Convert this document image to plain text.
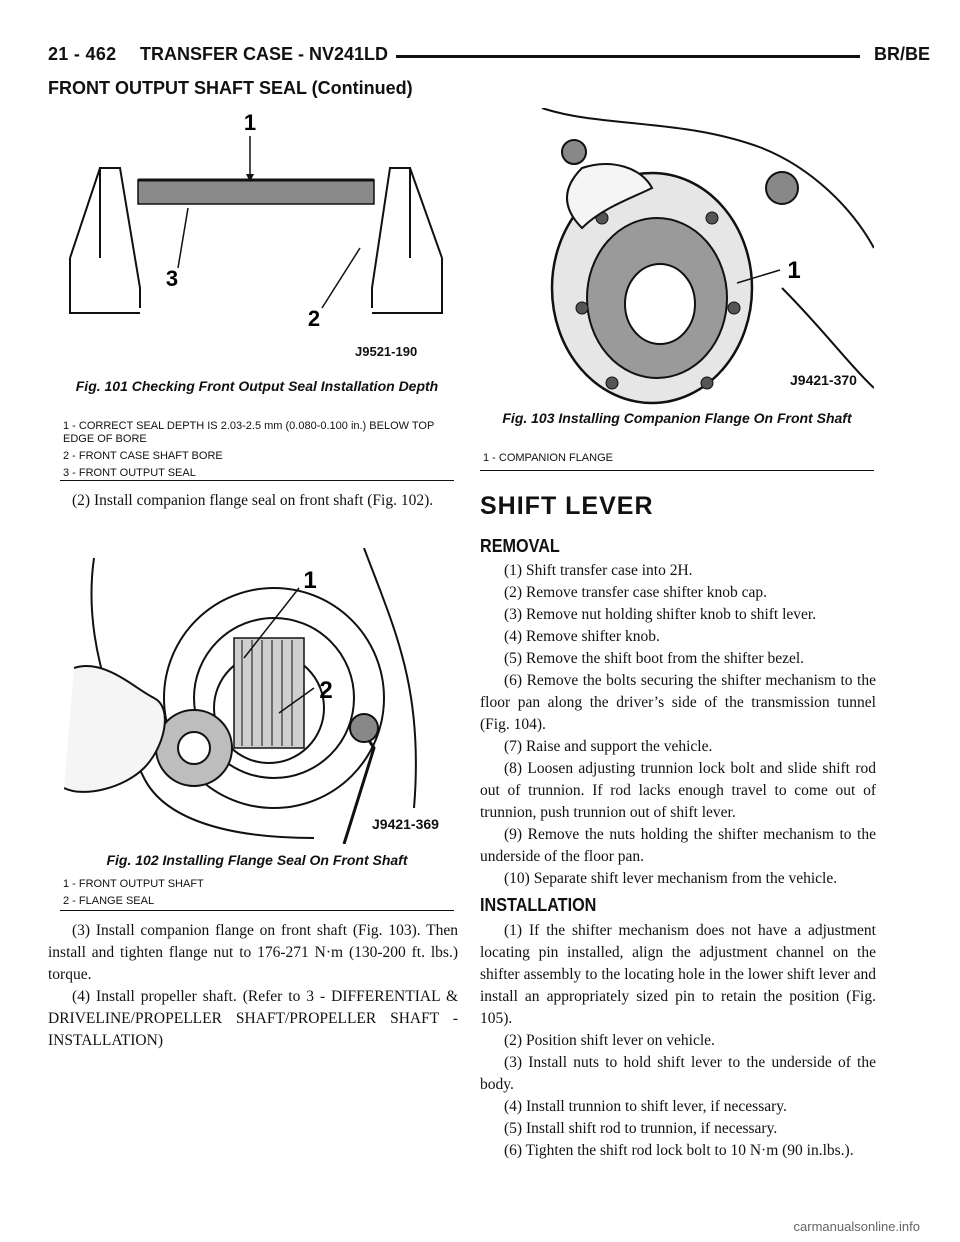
21 - 462 TRANSFER CASE - NV241LD	BR/BE
FRONT OUTPUT SHAFT SEAL (Continued)
1
3
2
J9521-190
Fig. 101 Checking Front Output Seal Installation Depth
1 - CORRECT SEAL DEPTH IS 2.03-2.5 mm (0.080-0.100 in.) BELOW TOP EDGE OF BORE
2 - FRONT CASE SHAFT BORE
3 - FRONT OUTPUT SEAL

(2) Install companion flange seal on front shaft (Fig. 102).

1
2
J9421-369
Fig. 102 Installing Flange Seal On Front Shaft
1 - FRONT OUTPUT SHAFT
2 - FLANGE SEAL

(3) Install companion flange on front shaft (Fig. 103). Then install and tighten flange nut to 176-271 N·m (130-200 ft. lbs.) torque.

(4) Install propeller shaft. (Refer to 3 - DIFFERENTIAL & DRIVELINE/PROPELLER SHAFT/PROPELLER SHAFT - INSTALLATION)

1
J9421-370
Fig. 103 Installing Companion Flange On Front Shaft
1 - COMPANION FLANGE
SHIFT LEVER
REMOVAL

(1) Shift transfer case into 2H.

(2) Remove transfer case shifter knob cap.

(3) Remove nut holding shifter knob to shift lever.

(4) Remove shifter knob.

(5) Remove the shift boot from the shifter bezel.

(6) Remove the bolts securing the shifter mechanism to the floor pan along the driver’s side of the transmission tunnel (Fig. 104).

(7) Raise and support the vehicle.

(8) Loosen adjusting trunnion lock bolt and slide shift rod out of trunnion. If rod lacks enough travel to come out of trunnion, push trunnion out of shift lever.

(9) Remove the nuts holding the shifter mechanism to the underside of the floor pan.

(10) Separate shift lever mechanism from the vehicle.

INSTALLATION

(1) If the shifter mechanism does not have a adjustment locating pin installed, align the adjustment channel on the shifter assembly to the locating hole in the lower shift lever and install an appropriately sized pin to retain the position (Fig. 105).

(2) Position shift lever on vehicle.

(3) Install nuts to hold shift lever to the underside of the body.

(4) Install trunnion to shift lever, if necessary.

(5) Install shift rod to trunnion, if necessary.

(6) Tighten the shift rod lock bolt to 10 N·m (90 in.lbs.).

carmanualsonline.info
